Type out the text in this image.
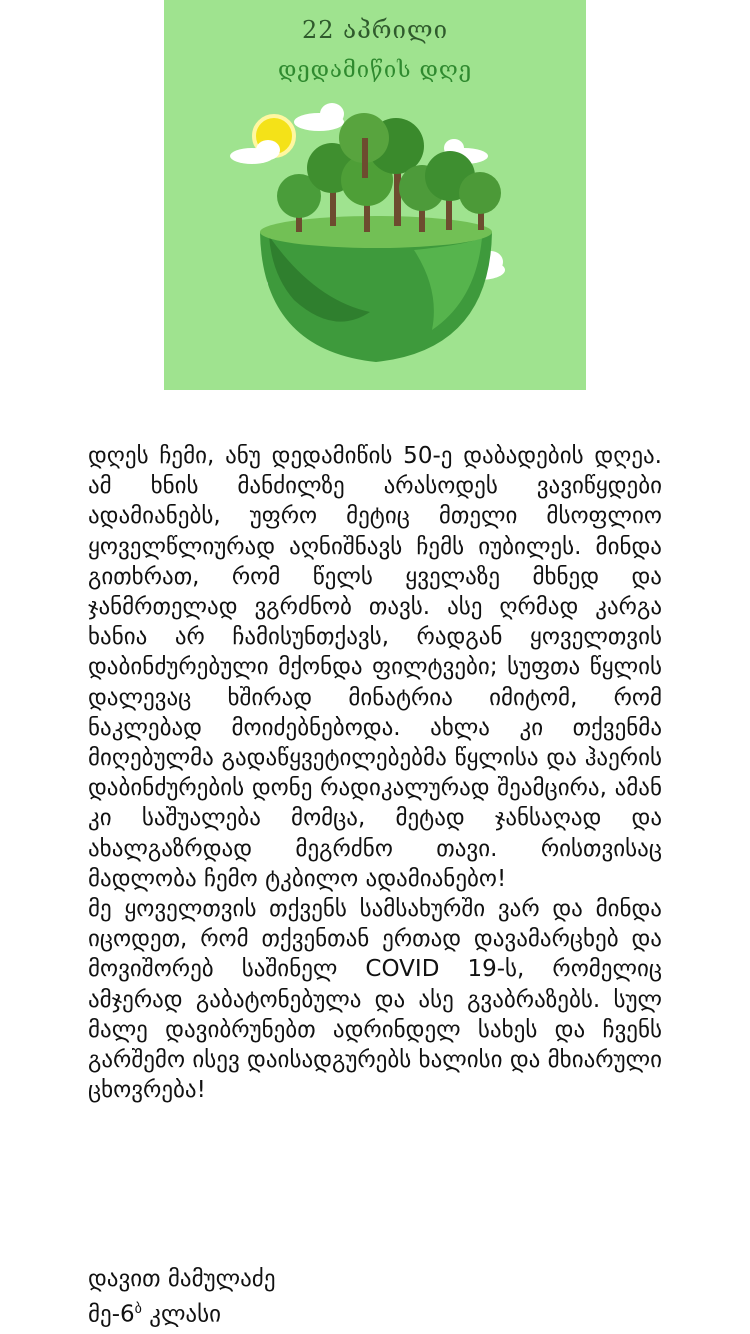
22 აპრილი
დედამიწის დღე

დღეს ჩემი, ანუ დედამიწის 50-ე დაბადების დღეა. ამ ხნის მანძილზე არასოდეს ვავიწყდები ადამიანებს, უფრო მეტიც მთელი მსოფლიო ყოველწლიურად აღნიშნავს ჩემს იუბილეს. მინდა გითხრათ, რომ წელს ყველაზე მხნედ და ჯანმრთელად ვგრძნობ თავს. ასე ღრმად კარგა ხანია არ ჩამისუნთქავს, რადგან ყოველთვის დაბინძურებული მქონდა ფილტვები; სუფთა წყლის დალევაც ხშირად მინატრია იმიტომ, რომ ნაკლებად მოიძებნებოდა. ახლა კი თქვენმა მიღებულმა გადაწყვეტილებებმა წყლისა და ჰაერის დაბინძურების დონე რადიკალურად შეამცირა, ამან კი საშუალება მომცა, მეტად ჯანსაღად და ახალგაზრდად მეგრძნო თავი. რისთვისაც მადლობა ჩემო ტკბილო ადამიანებო!

მე ყოველთვის თქვენს სამსახურში ვარ და მინდა იცოდეთ, რომ თქვენთან ერთად დავამარცხებ და მოვიშორებ საშინელ COVID 19-ს, რომელიც ამჯერად გაბატონებულა და ასე გვაბრაზებს. სულ მალე დავიბრუნებთ ადრინდელ სახეს და ჩვენს გარშემო ისევ დაისადგურებს ხალისი და მხიარული ცხოვრება!

დავით მამულაძე
$მე-6^ბ$ კლასი
